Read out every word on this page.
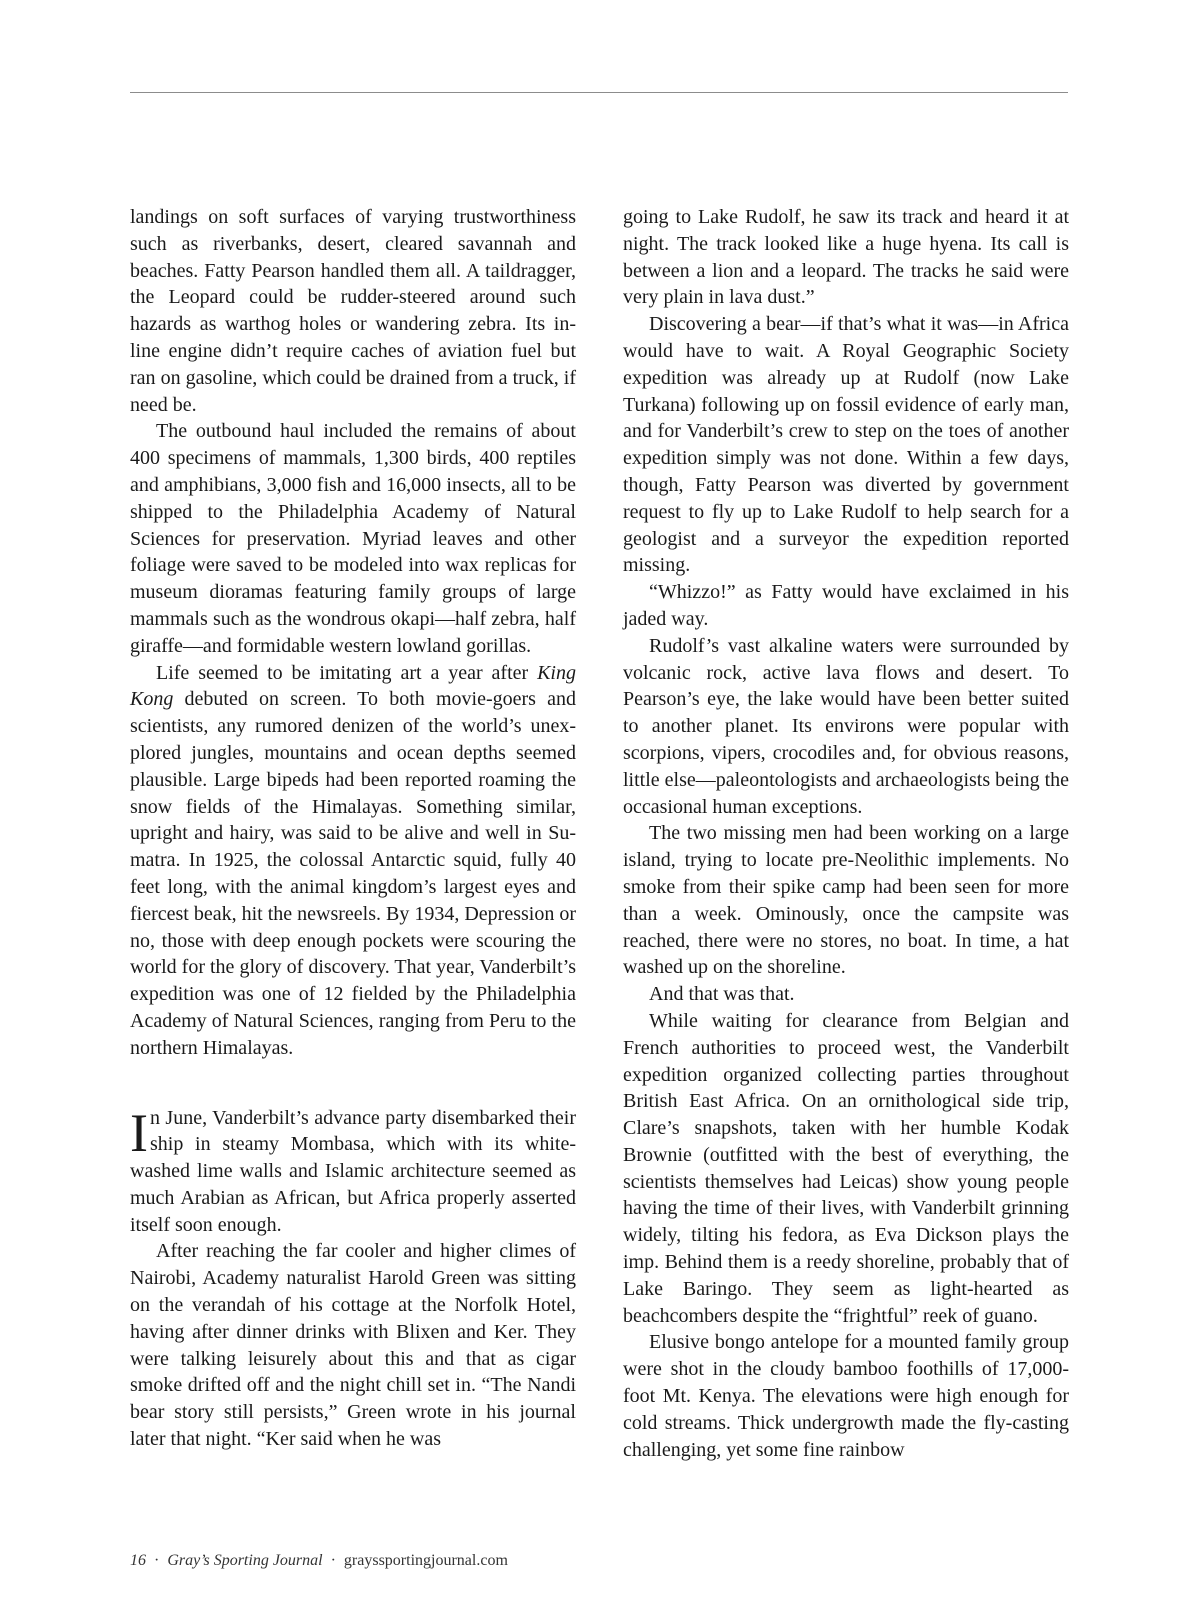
landings on soft surfaces of varying trustworthiness such as riverbanks, desert, cleared savannah and beaches. Fatty Pearson handled them all. A taildragger, the Leopard could be rudder-steered around such hazards as warthog holes or wandering zebra. Its in-line engine didn’t require caches of aviation fuel but ran on gasoline, which could be drained from a truck, if need be.

The outbound haul included the remains of about 400 specimens of mammals, 1,300 birds, 400 reptiles and amphibians, 3,000 fish and 16,000 insects, all to be shipped to the Philadelphia Academy of Natural Sciences for preservation. Myriad leaves and other foliage were saved to be modeled into wax replicas for museum dioramas featuring family groups of large mammals such as the wondrous okapi—half zebra, half giraffe—and formidable western lowland gorillas.

Life seemed to be imitating art a year after King Kong debuted on screen. To both movie-goers and scientists, any rumored denizen of the world’s unexplored jungles, mountains and ocean depths seemed plausible. Large bipeds had been reported roaming the snow fields of the Himalayas. Something similar, upright and hairy, was said to be alive and well in Sumatra. In 1925, the colossal Antarctic squid, fully 40 feet long, with the animal kingdom’s largest eyes and fiercest beak, hit the newsreels. By 1934, Depression or no, those with deep enough pockets were scouring the world for the glory of discovery. That year, Vanderbilt’s expedition was one of 12 fielded by the Philadelphia Academy of Natural Sciences, ranging from Peru to the northern Himalayas.

In June, Vanderbilt’s advance party disembarked their ship in steamy Mombasa, which with its white-washed lime walls and Islamic architecture seemed as much Arabian as African, but Africa properly asserted itself soon enough.

After reaching the far cooler and higher climes of Nairobi, Academy naturalist Harold Green was sitting on the verandah of his cottage at the Norfolk Hotel, having after dinner drinks with Blixen and Ker. They were talking leisurely about this and that as cigar smoke drifted off and the night chill set in. “The Nandi bear story still persists,” Green wrote in his journal later that night. “Ker said when he was

going to Lake Rudolf, he saw its track and heard it at night. The track looked like a huge hyena. Its call is between a lion and a leopard. The tracks he said were very plain in lava dust.”

Discovering a bear—if that’s what it was—in Africa would have to wait. A Royal Geographic Society expedition was already up at Rudolf (now Lake Turkana) following up on fossil evidence of early man, and for Vanderbilt’s crew to step on the toes of another expedition simply was not done. Within a few days, though, Fatty Pearson was diverted by government request to fly up to Lake Rudolf to help search for a geologist and a surveyor the expedition reported missing.

“Whizzo!” as Fatty would have exclaimed in his jaded way.

Rudolf’s vast alkaline waters were surrounded by volcanic rock, active lava flows and desert. To Pearson’s eye, the lake would have been better suited to another planet. Its environs were popular with scorpions, vipers, crocodiles and, for obvious reasons, little else—paleontologists and archaeologists being the occasional human exceptions.

The two missing men had been working on a large island, trying to locate pre-Neolithic implements. No smoke from their spike camp had been seen for more than a week. Ominously, once the campsite was reached, there were no stores, no boat. In time, a hat washed up on the shoreline.

And that was that.

While waiting for clearance from Belgian and French authorities to proceed west, the Vanderbilt expedition organized collecting parties throughout British East Africa. On an ornithological side trip, Clare’s snapshots, taken with her humble Kodak Brownie (outfitted with the best of everything, the scientists themselves had Leicas) show young people having the time of their lives, with Vanderbilt grinning widely, tilting his fedora, as Eva Dickson plays the imp. Behind them is a reedy shoreline, probably that of Lake Baringo. They seem as light-hearted as beachcombers despite the “frightful” reek of guano.

Elusive bongo antelope for a mounted family group were shot in the cloudy bamboo foothills of 17,000-foot Mt. Kenya. The elevations were high enough for cold streams. Thick undergrowth made the fly-casting challenging, yet some fine rainbow

16 · Gray’s Sporting Journal · grayssportingjournal.com
